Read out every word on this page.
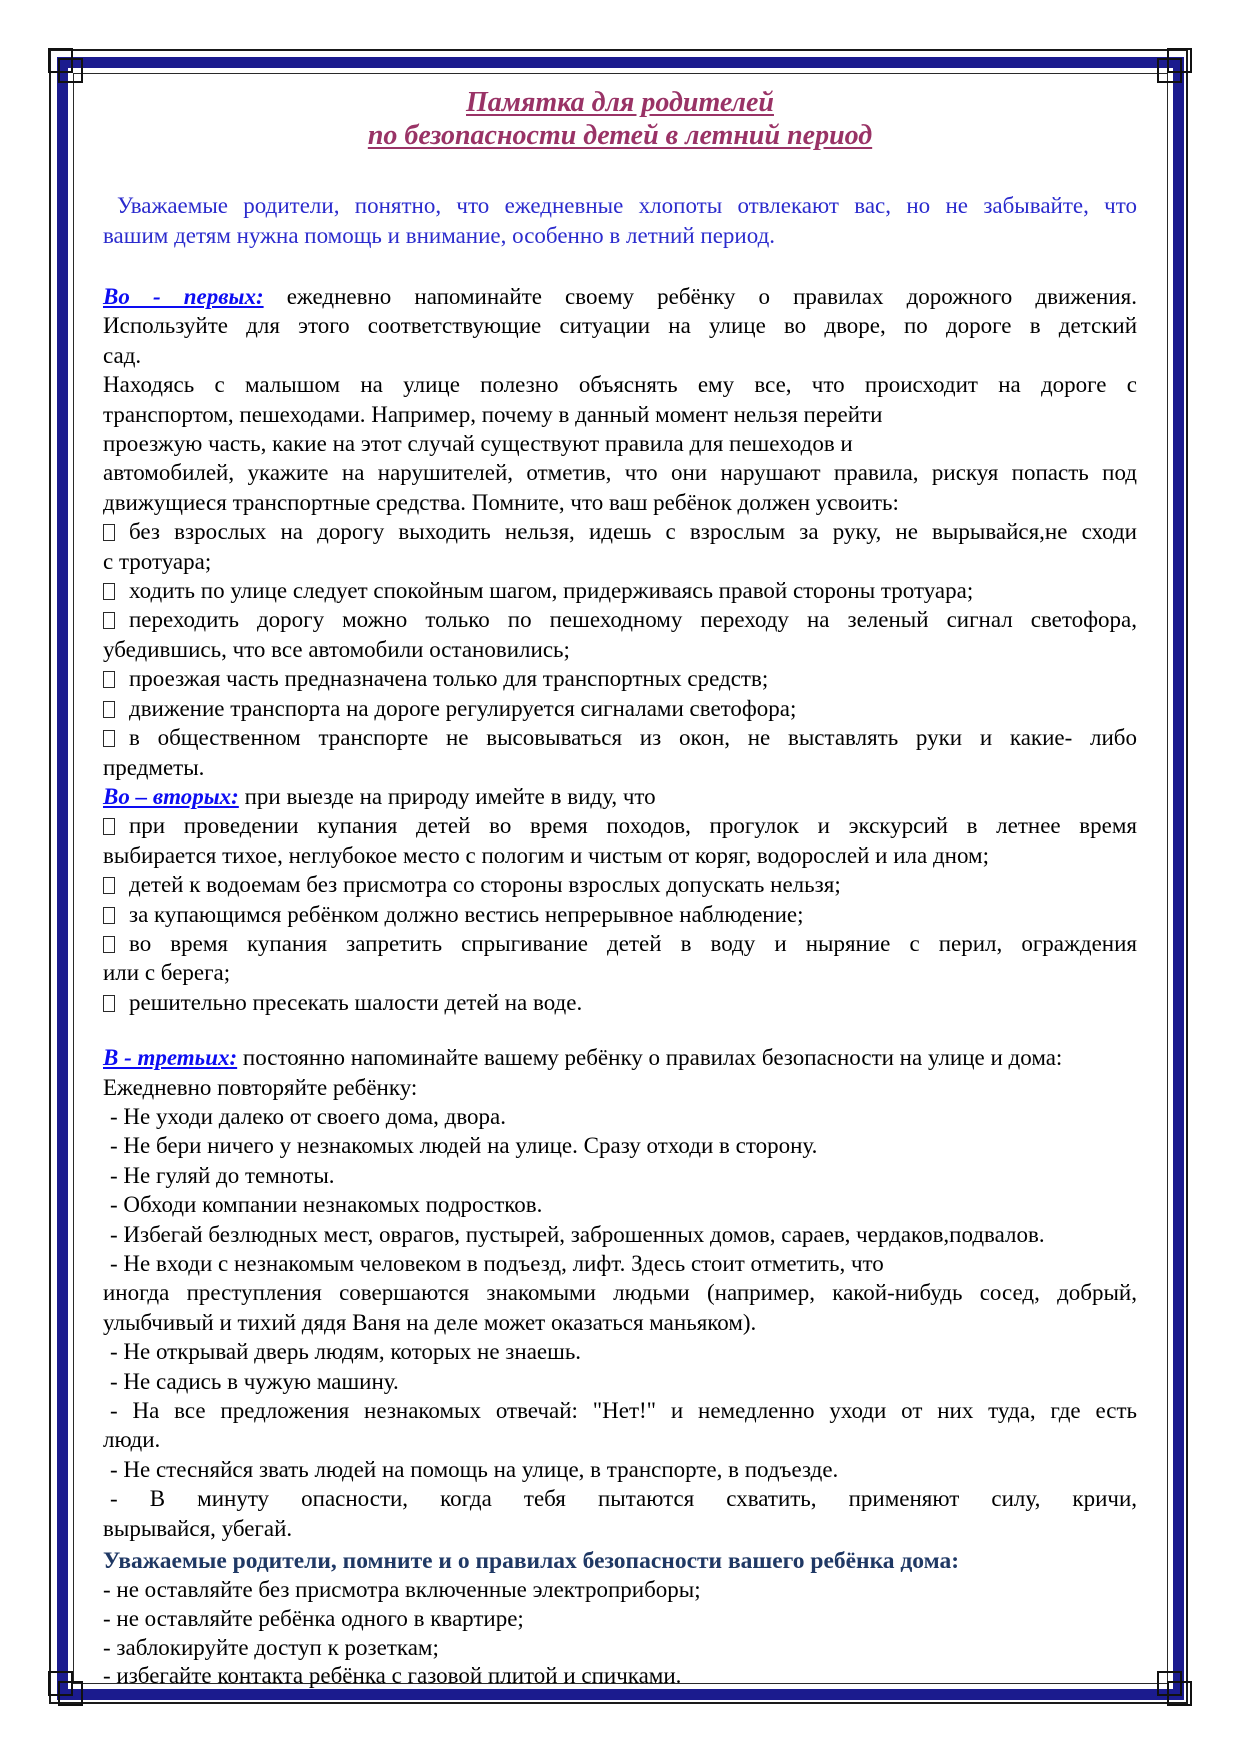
Памятка для родителей
по безопасности детей в летний период
Уважаемые родители, понятно, что ежедневные хлопоты отвлекают вас, но не забывайте, что
вашим детям нужна помощь и внимание, особенно в летний период.
Во - первых: ежедневно напоминайте своему ребёнку о правилах дорожного движения.
Используйте для этого соответствующие ситуации на улице во дворе, по дороге в детский
сад.
Находясь с малышом на улице полезно объяснять ему все, что происходит на дороге с
транспортом, пешеходами. Например, почему в данный момент нельзя перейти
проезжую часть, какие на этот случай существуют правила для пешеходов и
автомобилей, укажите на нарушителей, отметив, что они нарушают правила, рискуя попасть под
движущиеся транспортные средства. Помните, что ваш ребёнок должен усвоить:
без взрослых на дорогу выходить нельзя, идешь с взрослым за руку, не вырывайся,не сходи
с тротуара;
ходить по улице следует спокойным шагом, придерживаясь правой стороны тротуара;
переходить дорогу можно только по пешеходному переходу на зеленый сигнал светофора,
убедившись, что все автомобили остановились;
проезжая часть предназначена только для транспортных средств;
движение транспорта на дороге регулируется сигналами светофора;
в общественном транспорте не высовываться из окон, не выставлять руки и какие- либо
предметы.
Во – вторых: при выезде на природу имейте в виду, что
при проведении купания детей во время походов, прогулок и экскурсий в летнее время
выбирается тихое, неглубокое место с пологим и чистым от коряг, водорослей и ила дном;
детей к водоемам без присмотра со стороны взрослых допускать нельзя;
за купающимся ребёнком должно вестись непрерывное наблюдение;
во время купания запретить спрыгивание детей в воду и ныряние с перил, ограждения
или с берега;
решительно пресекать шалости детей на воде.
В - третьих: постоянно напоминайте вашему ребёнку о правилах безопасности на улице и дома:
Ежедневно повторяйте ребёнку:
- Не уходи далеко от своего дома, двора.
- Не бери ничего у незнакомых людей на улице. Сразу отходи в сторону.
- Не гуляй до темноты.
- Обходи компании незнакомых подростков.
- Избегай безлюдных мест, оврагов, пустырей, заброшенных домов, сараев, чердаков,подвалов.
- Не входи с незнакомым человеком в подъезд, лифт. Здесь стоит отметить, что
иногда преступления совершаются знакомыми людьми (например, какой-нибудь сосед, добрый,
улыбчивый и тихий дядя Ваня на деле может оказаться маньяком).
- Не открывай дверь людям, которых не знаешь.
- Не садись в чужую машину.
- На все предложения незнакомых отвечай: "Нет!" и немедленно уходи от них туда, где есть
люди.
- Не стесняйся звать людей на помощь на улице, в транспорте, в подъезде.
- В минуту опасности, когда тебя пытаются схватить, применяют силу, кричи,
вырывайся, убегай.
Уважаемые родители, помните и о правилах безопасности вашего ребёнка дома:
- не оставляйте без присмотра включенные электроприборы;
- не оставляйте ребёнка одного в квартире;
- заблокируйте доступ к розеткам;
- избегайте контакта ребёнка с газовой плитой и спичками.
